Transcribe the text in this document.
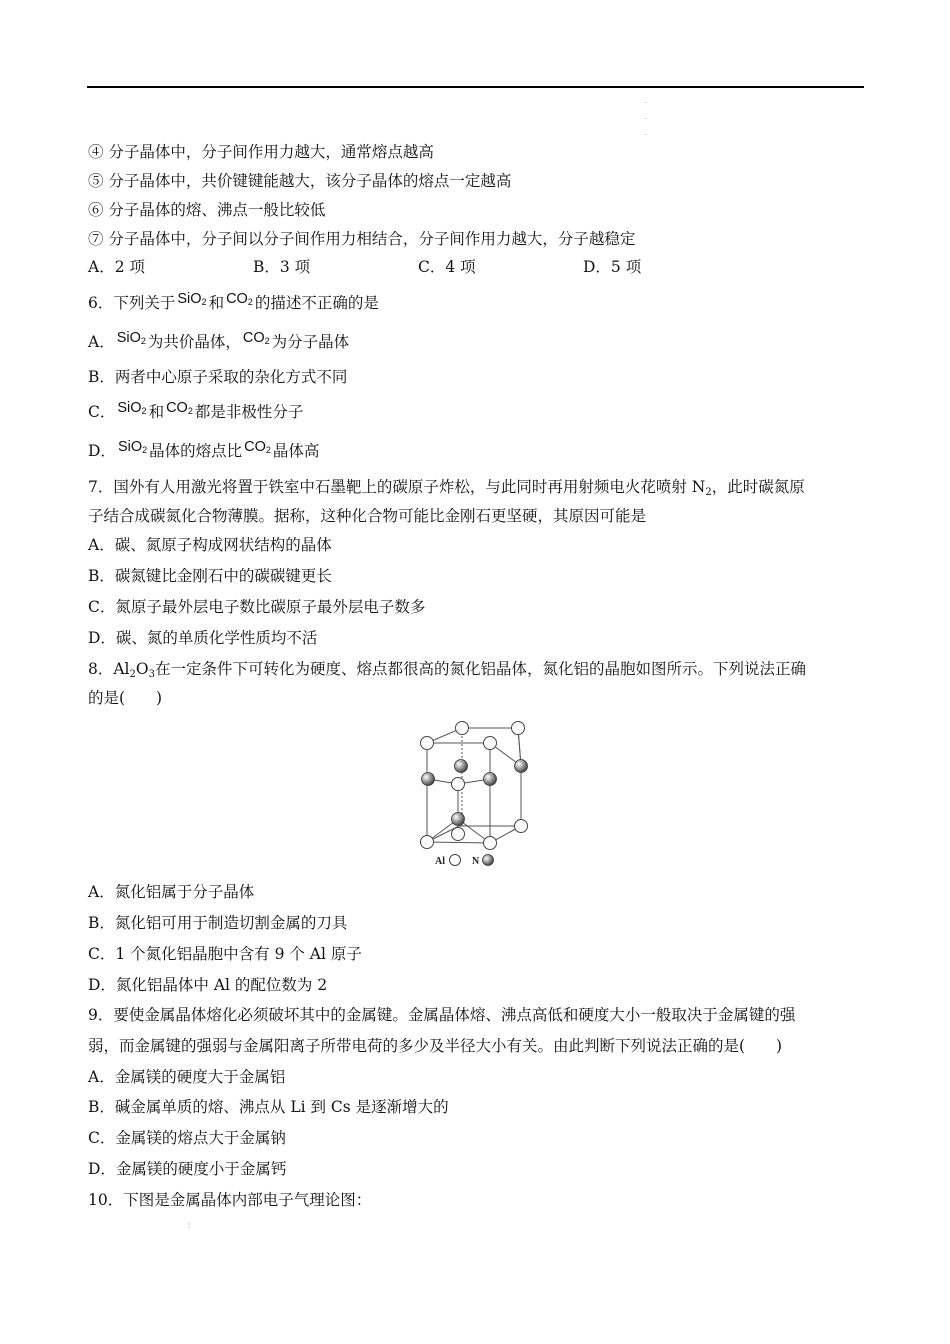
·
·
·
④ 分子晶体中，分子间作用力越大，通常熔点越高
⑤ 分子晶体中，共价键键能越大，该分子晶体的熔点一定越高
⑥ 分子晶体的熔、沸点一般比较低
⑦ 分子晶体中，分子间以分子间作用力相结合，分子间作用力越大，分子越稳定
A．2 项	B．3 项	C．4 项	D．5 项
6．下列关于 SiO$_2$ 和 $CO_2$ 的描述不正确的是
A． SiO$_2$ 为共价晶体， $CO_2$ 为分子晶体
B．两者中心原子采取的杂化方式不同
C． SiO$_2$ 和 $CO_2$ 都是非极性分子
D． SiO$_2$ 晶体的熔点比 $CO_2$ 晶体高
7．国外有人用激光将置于铁室中石墨靶上的碳原子炸松，与此同时再用射频电火花喷射 $N_2$，此时碳氮原
子结合成碳氮化合物薄膜。据称，这种化合物可能比金刚石更坚硬，其原因可能是
A．碳、氮原子构成网状结构的晶体
B．碳氮键比金刚石中的碳碳键更长
C．氮原子最外层电子数比碳原子最外层电子数多
D．碳、氮的单质化学性质均不活
8．$Al_2O_3$在一定条件下可转化为硬度、熔点都很高的氮化铝晶体，氮化铝的晶胞如图所示。下列说法正确
的是(　　)
Al	N
A．氮化铝属于分子晶体
B．氮化铝可用于制造切割金属的刀具
C．1 个氮化铝晶胞中含有 9 个 Al 原子
D．氮化铝晶体中 Al 的配位数为 2
9．要使金属晶体熔化必须破坏其中的金属键。金属晶体熔、沸点高低和硬度大小一般取决于金属键的强
弱，而金属键的强弱与金属阳离子所带电荷的多少及半径大小有关。由此判断下列说法正确的是(　　)
A．金属镁的硬度大于金属铝
B．碱金属单质的熔、沸点从 Li 到 Cs 是逐渐增大的
C．金属镁的熔点大于金属钠
D．金属镁的硬度小于金属钙
10．下图是金属晶体内部电子气理论图：
⋮
